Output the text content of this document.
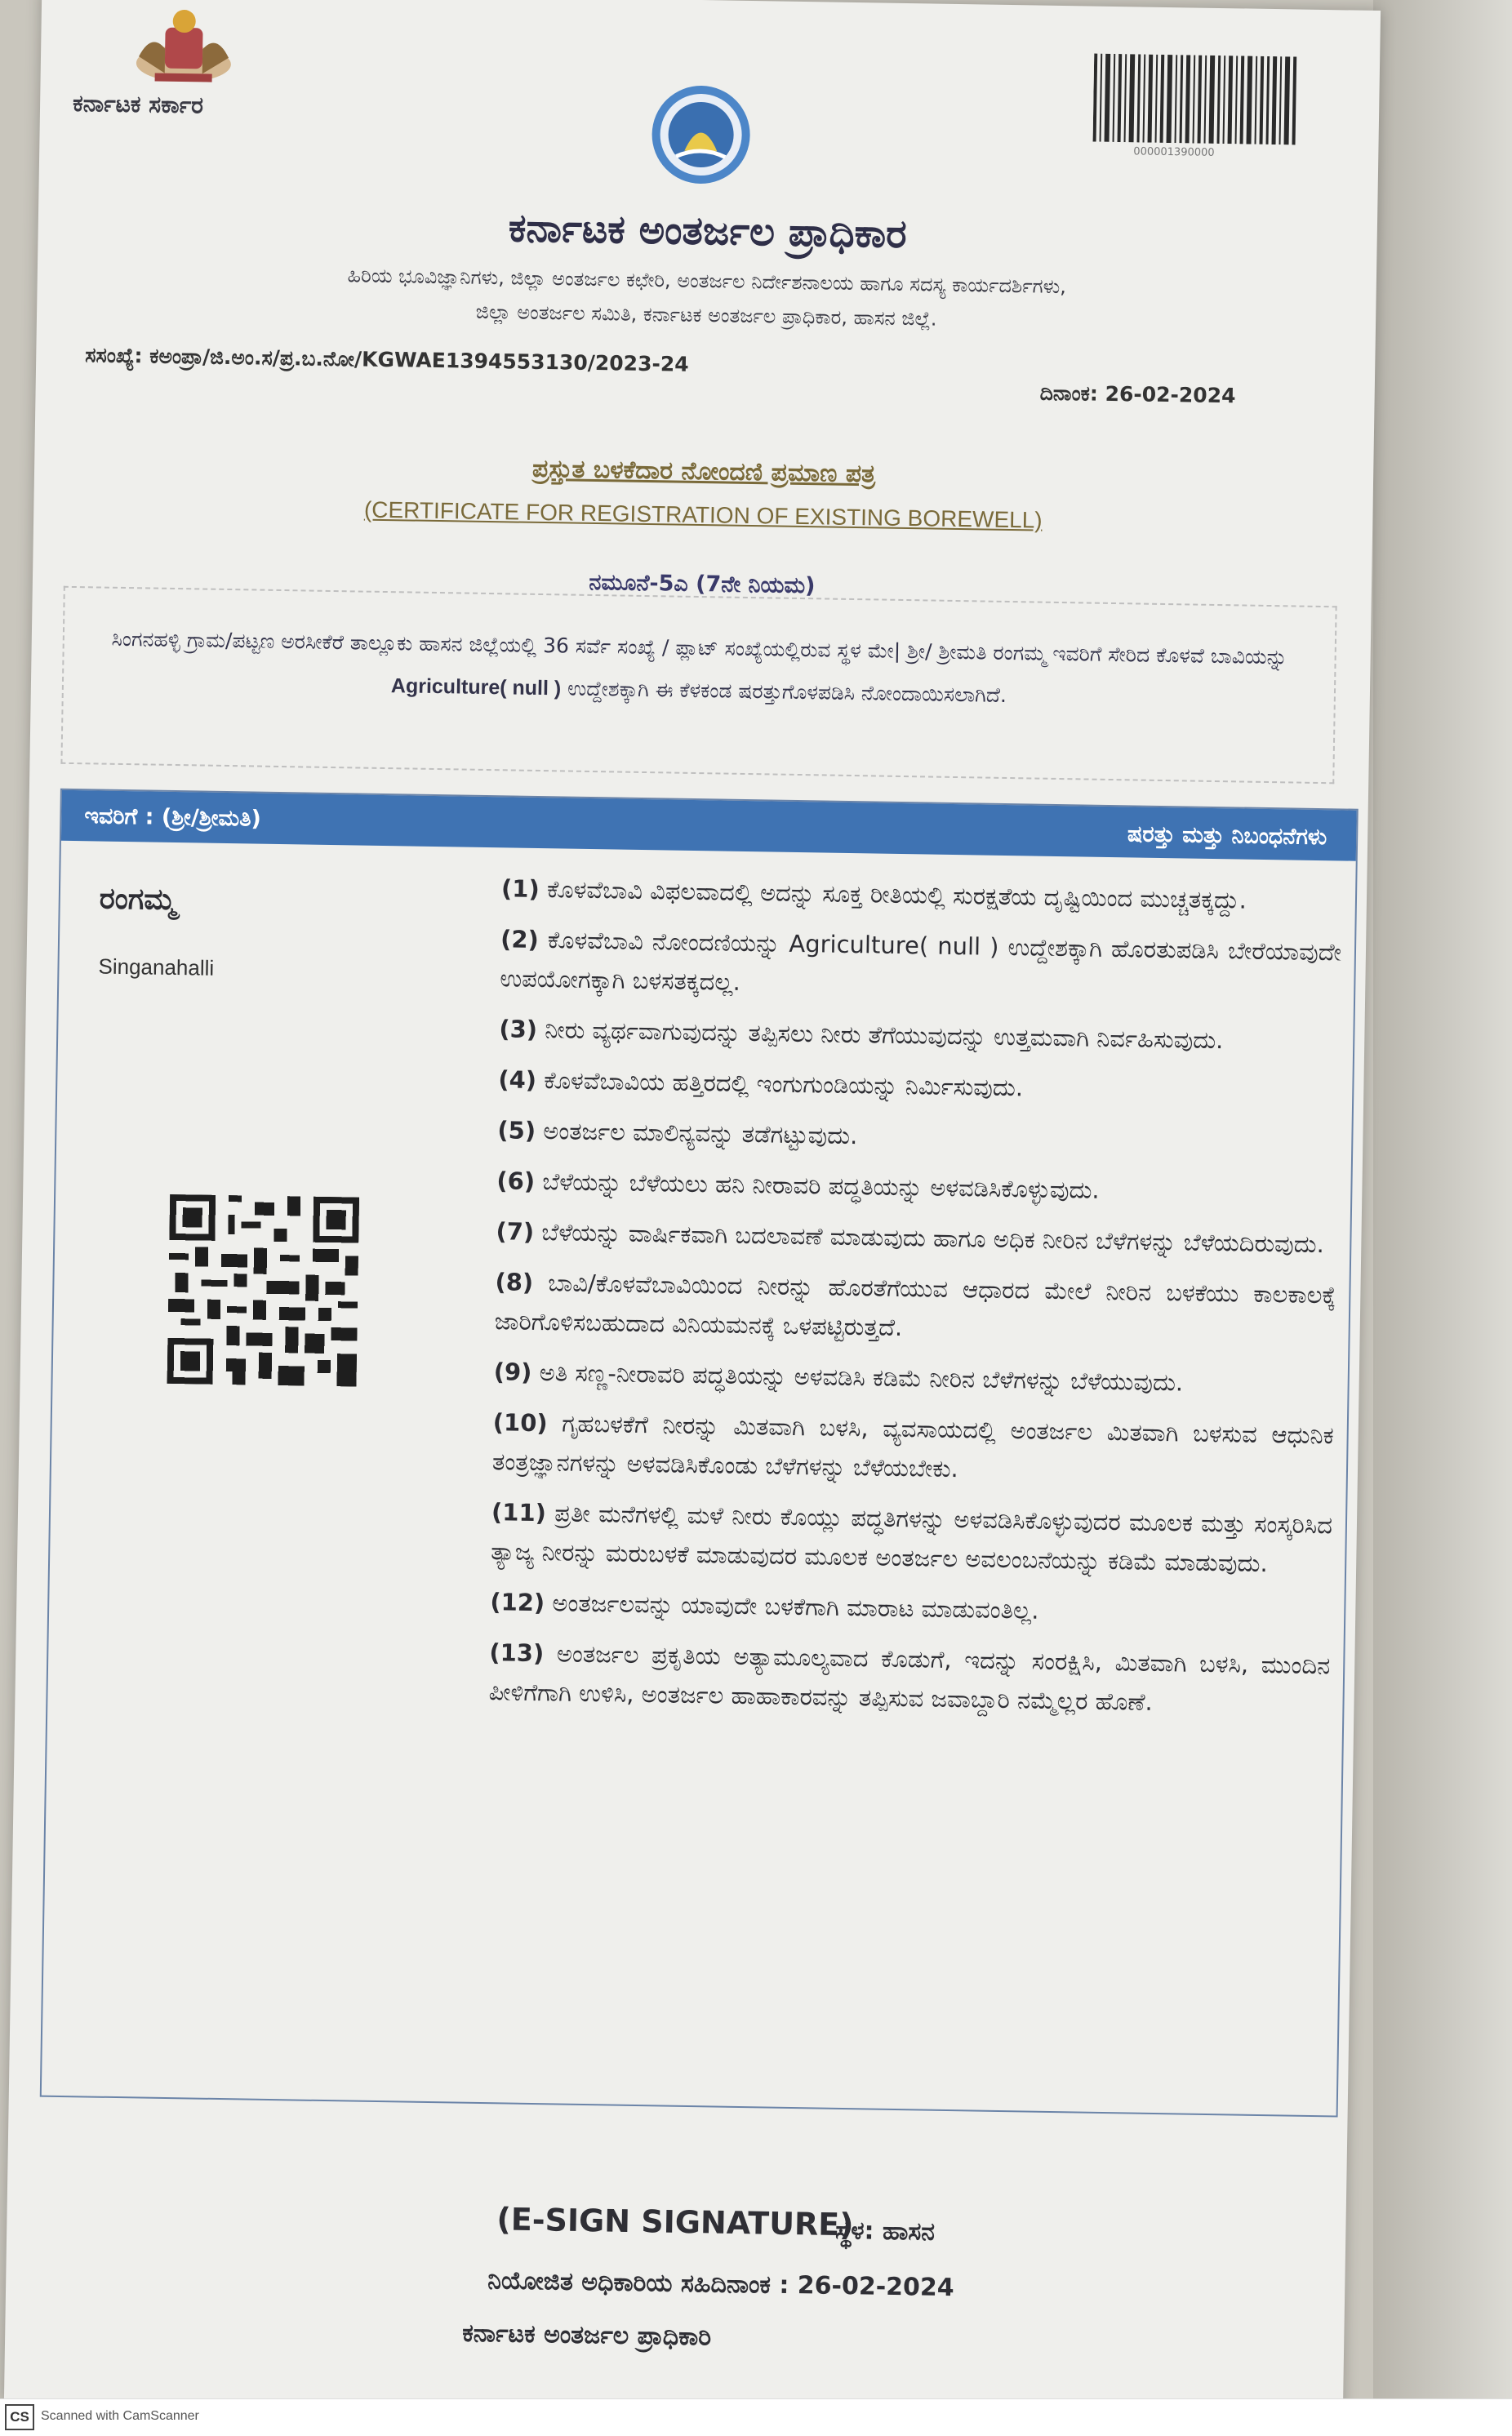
ಕರ್ನಾಟಕ ಸರ್ಕಾರ
000001390000
ಕರ್ನಾಟಕ ಅಂತರ್ಜಲ ಪ್ರಾಧಿಕಾರ
ಹಿರಿಯ ಭೂವಿಜ್ಞಾನಿಗಳು, ಜಿಲ್ಲಾ ಅಂತರ್ಜಲ ಕಛೇರಿ, ಅಂತರ್ಜಲ ನಿರ್ದೇಶನಾಲಯ ಹಾಗೂ ಸದಸ್ಯ ಕಾರ್ಯದರ್ಶಿಗಳು,
ಜಿಲ್ಲಾ ಅಂತರ್ಜಲ ಸಮಿತಿ, ಕರ್ನಾಟಕ ಅಂತರ್ಜಲ ಪ್ರಾಧಿಕಾರ, ಹಾಸನ ಜಿಲ್ಲೆ.
ಸಸಂಖ್ಯೆ: ಕಅಂಪ್ರಾ/ಜಿ.ಅಂ.ಸ/ಪ್ರ.ಬ.ನೋ/KGWAE1394553130/2023-24
ದಿನಾಂಕ: 26-02-2024
ಪ್ರಸ್ತುತ ಬಳಕೆದಾರ ನೋಂದಣಿ ಪ್ರಮಾಣ ಪತ್ರ
(CERTIFICATE FOR REGISTRATION OF EXISTING BOREWELL)
ನಮೂನೆ-5ಎ (7ನೇ ನಿಯಮ)
ಸಿಂಗನಹಳ್ಳಿ ಗ್ರಾಮ/ಪಟ್ಟಣ ಅರಸೀಕೆರೆ ತಾಲ್ಲೂಕು ಹಾಸನ ಜಿಲ್ಲೆಯಲ್ಲಿ 36 ಸರ್ವೆ ಸಂಖ್ಯೆ / ಪ್ಲಾಟ್ ಸಂಖ್ಯೆಯಲ್ಲಿರುವ ಸ್ಥಳ ಮೇ| ಶ್ರೀ/ ಶ್ರೀಮತಿ ರಂಗಮ್ಮ ಇವರಿಗೆ ಸೇರಿದ ಕೊಳವೆ ಬಾವಿಯನ್ನು Agriculture( null ) ಉದ್ದೇಶಕ್ಕಾಗಿ ಈ ಕೆಳಕಂಡ ಷರತ್ತುಗೊಳಪಡಿಸಿ ನೋಂದಾಯಿಸಲಾಗಿದೆ.
ಇವರಿಗೆ : (ಶ್ರೀ/ಶ್ರೀಮತಿ)
ಷರತ್ತು ಮತ್ತು ನಿಬಂಧನೆಗಳು
ರಂಗಮ್ಮ
Singanahalli
(1) ಕೊಳವೆಬಾವಿ ವಿಫಲವಾದಲ್ಲಿ ಅದನ್ನು ಸೂಕ್ತ ರೀತಿಯಲ್ಲಿ ಸುರಕ್ಷತೆಯ ದೃಷ್ಟಿಯಿಂದ ಮುಚ್ಚತಕ್ಕದ್ದು.
(2) ಕೊಳವೆಬಾವಿ ನೋಂದಣಿಯನ್ನು Agriculture( null ) ಉದ್ದೇಶಕ್ಕಾಗಿ ಹೊರತುಪಡಿಸಿ ಬೇರೆಯಾವುದೇ ಉಪಯೋಗಕ್ಕಾಗಿ ಬಳಸತಕ್ಕದಲ್ಲ.
(3) ನೀರು ವ್ಯರ್ಥವಾಗುವುದನ್ನು ತಪ್ಪಿಸಲು ನೀರು ತೆಗೆಯುವುದನ್ನು ಉತ್ತಮವಾಗಿ ನಿರ್ವಹಿಸುವುದು.
(4) ಕೊಳವೆಬಾವಿಯ ಹತ್ತಿರದಲ್ಲಿ ಇಂಗುಗುಂಡಿಯನ್ನು ನಿರ್ಮಿಸುವುದು.
(5) ಅಂತರ್ಜಲ ಮಾಲಿನ್ಯವನ್ನು ತಡೆಗಟ್ಟುವುದು.
(6) ಬೆಳೆಯನ್ನು ಬೆಳೆಯಲು ಹನಿ ನೀರಾವರಿ ಪದ್ಧತಿಯನ್ನು ಅಳವಡಿಸಿಕೊಳ್ಳುವುದು.
(7) ಬೆಳೆಯನ್ನು ವಾರ್ಷಿಕವಾಗಿ ಬದಲಾವಣೆ ಮಾಡುವುದು ಹಾಗೂ ಅಧಿಕ ನೀರಿನ ಬೆಳೆಗಳನ್ನು ಬೆಳೆಯದಿರುವುದು.
(8) ಬಾವಿ/ಕೊಳವೆಬಾವಿಯಿಂದ ನೀರನ್ನು ಹೊರತೆಗೆಯುವ ಆಧಾರದ ಮೇಲೆ ನೀರಿನ ಬಳಕೆಯು ಕಾಲಕಾಲಕ್ಕೆ ಜಾರಿಗೊಳಿಸಬಹುದಾದ ವಿನಿಯಮನಕ್ಕೆ ಒಳಪಟ್ಟಿರುತ್ತದೆ.
(9) ಅತಿ ಸಣ್ಣ-ನೀರಾವರಿ ಪದ್ಧತಿಯನ್ನು ಅಳವಡಿಸಿ ಕಡಿಮೆ ನೀರಿನ ಬೆಳೆಗಳನ್ನು ಬೆಳೆಯುವುದು.
(10) ಗೃಹಬಳಕೆಗೆ ನೀರನ್ನು ಮಿತವಾಗಿ ಬಳಸಿ, ವ್ಯವಸಾಯದಲ್ಲಿ ಅಂತರ್ಜಲ ಮಿತವಾಗಿ ಬಳಸುವ ಆಧುನಿಕ ತಂತ್ರಜ್ಞಾನಗಳನ್ನು ಅಳವಡಿಸಿಕೊಂಡು ಬೆಳೆಗಳನ್ನು ಬೆಳೆಯಬೇಕು.
(11) ಪ್ರತೀ ಮನೆಗಳಲ್ಲಿ ಮಳೆ ನೀರು ಕೊಯ್ಲು ಪದ್ಧತಿಗಳನ್ನು ಅಳವಡಿಸಿಕೊಳ್ಳುವುದರ ಮೂಲಕ ಮತ್ತು ಸಂಸ್ಕರಿಸಿದ ತ್ಯಾಜ್ಯ ನೀರನ್ನು ಮರುಬಳಕೆ ಮಾಡುವುದರ ಮೂಲಕ ಅಂತರ್ಜಲ ಅವಲಂಬನೆಯನ್ನು ಕಡಿಮೆ ಮಾಡುವುದು.
(12) ಅಂತರ್ಜಲವನ್ನು ಯಾವುದೇ ಬಳಕೆಗಾಗಿ ಮಾರಾಟ ಮಾಡುವಂತಿಲ್ಲ.
(13) ಅಂತರ್ಜಲ ಪ್ರಕೃತಿಯ ಅತ್ಯಾಮೂಲ್ಯವಾದ ಕೊಡುಗೆ, ಇದನ್ನು ಸಂರಕ್ಷಿಸಿ, ಮಿತವಾಗಿ ಬಳಸಿ, ಮುಂದಿನ ಪೀಳಿಗೆಗಾಗಿ ಉಳಿಸಿ, ಅಂತರ್ಜಲ ಹಾಹಾಕಾರವನ್ನು ತಪ್ಪಿಸುವ ಜವಾಬ್ದಾರಿ ನಮ್ಮೆಲ್ಲರ ಹೊಣೆ.
(E-SIGN SIGNATURE)
ಸ್ಥಳ: ಹಾಸನ
ನಿಯೋಜಿತ ಅಧಿಕಾರಿಯ ಸಹಿದಿನಾಂಕ : 26-02-2024
ಕರ್ನಾಟಕ ಅಂತರ್ಜಲ ಪ್ರಾಧಿಕಾರಿ
CS Scanned with CamScanner
